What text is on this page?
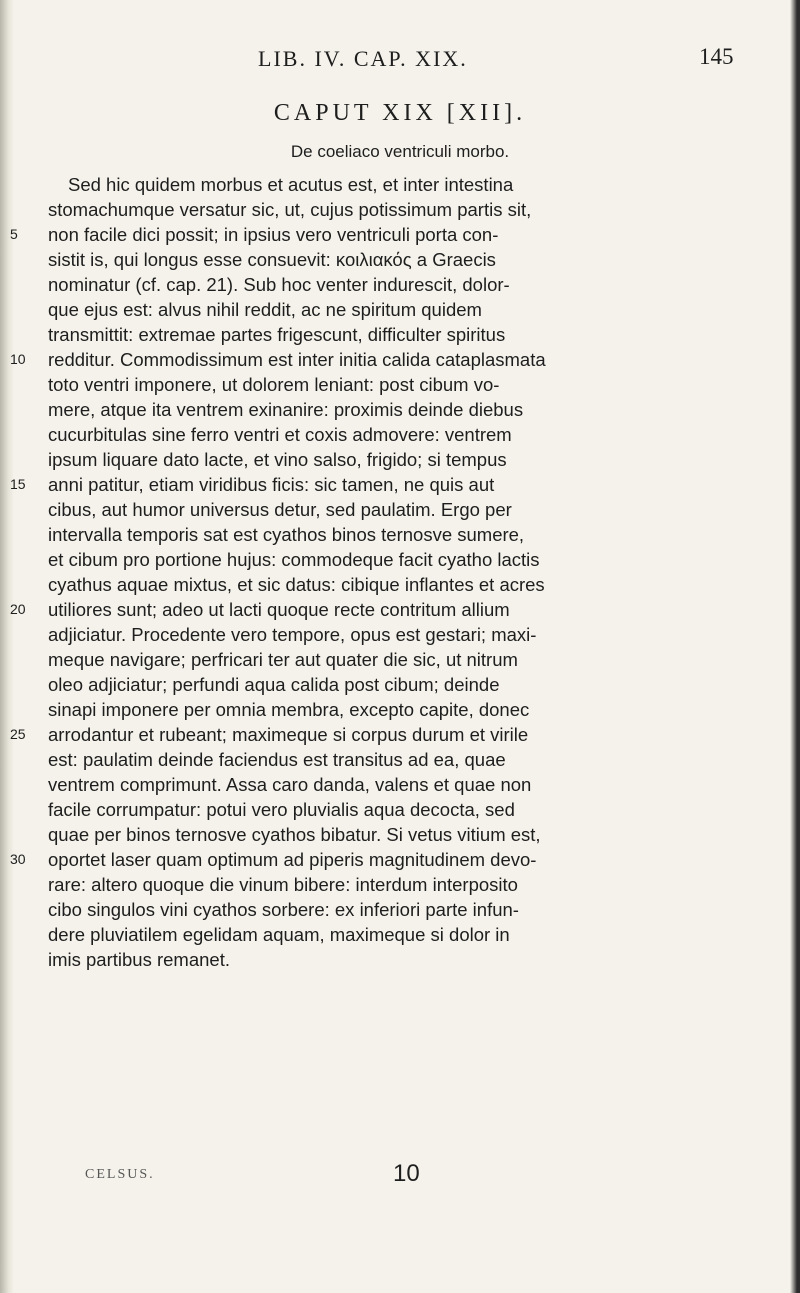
LIB. IV. CAP. XIX.	145
CAPUT XIX [XII].
De coeliaco ventriculi morbo.
Sed hic quidem morbus et acutus est, et inter intestina
stomachumque versatur sic, ut, cujus potissimum partis sit,
5	non facile dici possit; in ipsius vero ventriculi porta con-
sistit is, qui longus esse consuevit: κοιλιακός a Graecis
nominatur (cf. cap. 21). Sub hoc venter indurescit, dolor-
que ejus est: alvus nihil reddit, ac ne spiritum quidem
transmittit: extremae partes frigescunt, difficulter spiritus
10	redditur. Commodissimum est inter initia calida cataplasmata
toto ventri imponere, ut dolorem leniant: post cibum vo-
mere, atque ita ventrem exinanire: proximis deinde diebus
cucurbitulas sine ferro ventri et coxis admovere: ventrem
ipsum liquare dato lacte, et vino salso, frigido; si tempus
15	anni patitur, etiam viridibus ficis: sic tamen, ne quis aut
cibus, aut humor universus detur, sed paulatim. Ergo per
intervalla temporis sat est cyathos binos ternosve sumere,
et cibum pro portione hujus: commodeque facit cyatho lactis
cyathus aquae mixtus, et sic datus: cibique inflantes et acres
20	utiliores sunt; adeo ut lacti quoque recte contritum allium
adjiciatur. Procedente vero tempore, opus est gestari; maxi-
meque navigare; perfricari ter aut quater die sic, ut nitrum
oleo adjiciatur; perfundi aqua calida post cibum; deinde
sinapi imponere per omnia membra, excepto capite, donec
25	arrodantur et rubeant; maximeque si corpus durum et virile
est: paulatim deinde faciendus est transitus ad ea, quae
ventrem comprimunt. Assa caro danda, valens et quae non
facile corrumpatur: potui vero pluvialis aqua decocta, sed
quae per binos ternosve cyathos bibatur. Si vetus vitium est,
30	oportet laser quam optimum ad piperis magnitudinem devo-
rare: altero quoque die vinum bibere: interdum interposito
cibo singulos vini cyathos sorbere: ex inferiori parte infun-
dere pluviatilem egelidam aquam, maximeque si dolor in
imis partibus remanet.
CELSUS.	10
